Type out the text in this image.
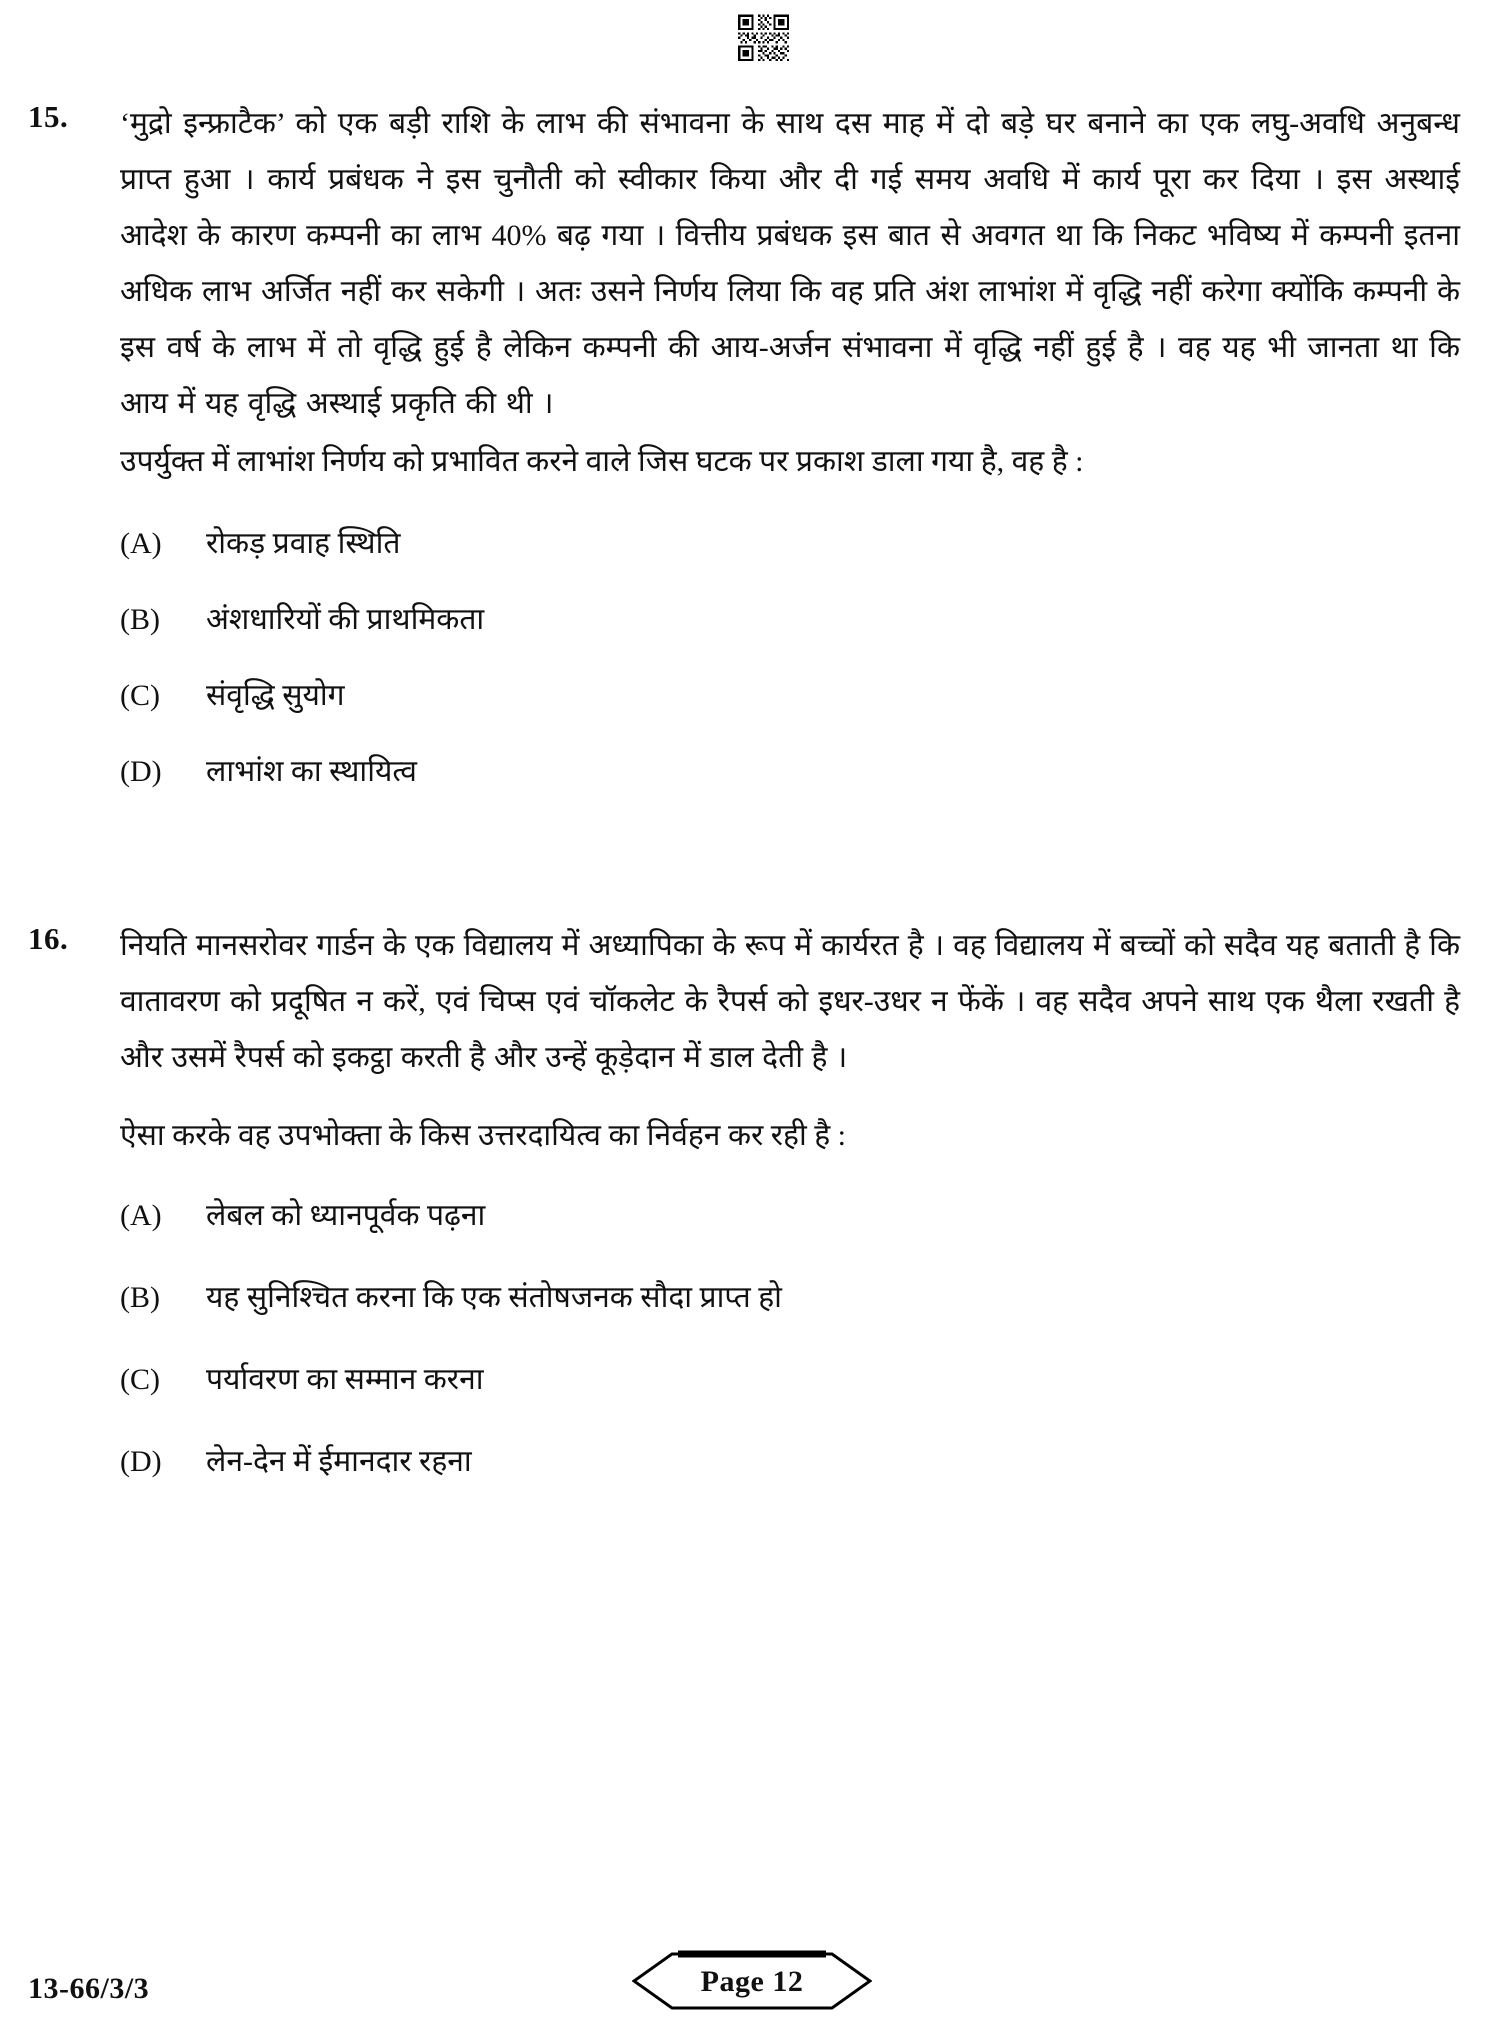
15.	‘मुद्रो इन्फ्राटैक’ को एक बड़ी राशि के लाभ की संभावना के साथ दस माह में दो बड़े घर बनाने का एक लघु-अवधि अनुबन्ध प्राप्त हुआ । कार्य प्रबंधक ने इस चुनौती को स्वीकार किया और दी गई समय अवधि में कार्य पूरा कर दिया । इस अस्थाई आदेश के कारण कम्पनी का लाभ 40% बढ़ गया । वित्तीय प्रबंधक इस बात से अवगत था कि निकट भविष्य में कम्पनी इतना अधिक लाभ अर्जित नहीं कर सकेगी । अतः उसने निर्णय लिया कि वह प्रति अंश लाभांश में वृद्धि नहीं करेगा क्योंकि कम्पनी के इस वर्ष के लाभ में तो वृद्धि हुई है लेकिन कम्पनी की आय-अर्जन संभावना में वृद्धि नहीं हुई है । वह यह भी जानता था कि आय में यह वृद्धि अस्थाई प्रकृति की थी ।

उपर्युक्त में लाभांश निर्णय को प्रभावित करने वाले जिस घटक पर प्रकाश डाला गया है, वह है :

(A)	रोकड़ प्रवाह स्थिति
(B)	अंशधारियों की प्राथमिकता
(C)	संवृद्धि सुयोग
(D)	लाभांश का स्थायित्व
16.	नियति मानसरोवर गार्डन के एक विद्यालय में अध्यापिका के रूप में कार्यरत है । वह विद्यालय में बच्चों को सदैव यह बताती है कि वातावरण को प्रदूषित न करें, एवं चिप्स एवं चॉकलेट के रैपर्स को इधर-उधर न फेंकें । वह सदैव अपने साथ एक थैला रखती है और उसमें रैपर्स को इकट्ठा करती है और उन्हें कूड़ेदान में डाल देती है ।

ऐसा करके वह उपभोक्ता के किस उत्तरदायित्व का निर्वहन कर रही है :

(A)	लेबल को ध्यानपूर्वक पढ़ना
(B)	यह सुनिश्चित करना कि एक संतोषजनक सौदा प्राप्त हो
(C)	पर्यावरण का सम्मान करना
(D)	लेन-देन में ईमानदार रहना
13-66/3/3	Page 12
